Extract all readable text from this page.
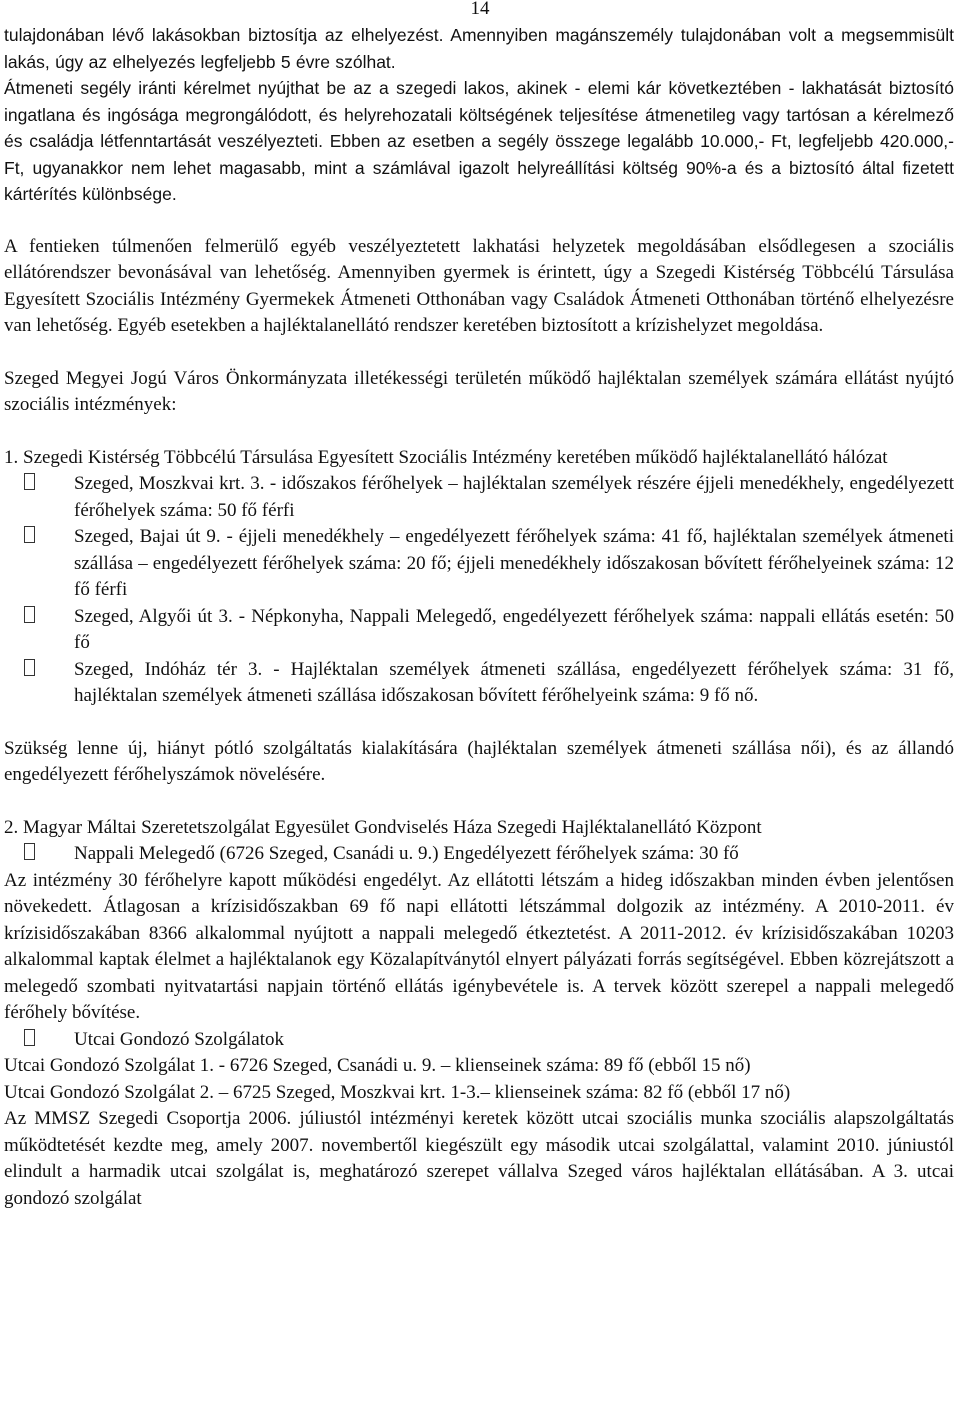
14

tulajdonában lévő lakásokban biztosítja az elhelyezést. Amennyiben magánszemély tulajdonában volt a megsemmisült lakás, úgy az elhelyezés legfeljebb 5 évre szólhat.

Átmeneti segély iránti kérelmet nyújthat be az a szegedi lakos, akinek - elemi kár következtében - lakhatását biztosító ingatlana és ingósága megrongálódott, és helyrehozatali költségének teljesítése átmenetileg vagy tartósan a kérelmező és családja létfenntartását veszélyezteti. Ebben az esetben a segély összege legalább 10.000,- Ft, legfeljebb 420.000,- Ft, ugyanakkor nem lehet magasabb, mint a számlával igazolt helyreállítási költség 90%-a és a biztosító által fizetett kártérítés különbsége.

A fentieken túlmenően felmerülő egyéb veszélyeztetett lakhatási helyzetek megoldásában elsődlegesen a szociális ellátórendszer bevonásával van lehetőség. Amennyiben gyermek is érintett, úgy a Szegedi Kistérség Többcélú Társulása Egyesített Szociális Intézmény Gyermekek Átmeneti Otthonában vagy Családok Átmeneti Otthonában történő elhelyezésre van lehetőség. Egyéb esetekben a hajléktalanellátó rendszer keretében biztosított a krízishelyzet megoldása.

Szeged Megyei Jogú Város Önkormányzata illetékességi területén működő hajléktalan személyek számára ellátást nyújtó szociális intézmények:

1. Szegedi Kistérség Többcélú Társulása Egyesített Szociális Intézmény keretében működő hajléktalanellátó hálózat

Szeged, Moszkvai krt. 3. - időszakos férőhelyek – hajléktalan személyek részére éjjeli menedékhely, engedélyezett férőhelyek száma: 50 fő férfi

Szeged, Bajai út 9. - éjjeli menedékhely – engedélyezett férőhelyek száma: 41 fő, hajléktalan személyek átmeneti szállása – engedélyezett férőhelyek száma: 20 fő; éjjeli menedékhely időszakosan bővített férőhelyeinek száma: 12 fő férfi

Szeged, Algyői út 3. - Népkonyha, Nappali Melegedő, engedélyezett férőhelyek száma: nappali ellátás esetén: 50 fő

Szeged, Indóház tér 3. - Hajléktalan személyek átmeneti szállása, engedélyezett férőhelyek száma: 31 fő, hajléktalan személyek átmeneti szállása időszakosan bővített férőhelyeink száma: 9 fő nő.

Szükség lenne új, hiányt pótló szolgáltatás kialakítására (hajléktalan személyek átmeneti szállása női), és az állandó engedélyezett férőhelyszámok növelésére.

2. Magyar Máltai Szeretetszolgálat Egyesület Gondviselés Háza Szegedi Hajléktalanellátó Központ

Nappali Melegedő (6726 Szeged, Csanádi u. 9.) Engedélyezett férőhelyek száma: 30 fő

Az intézmény 30 férőhelyre kapott működési engedélyt. Az ellátotti létszám a hideg időszakban minden évben jelentősen növekedett. Átlagosan a krízisidőszakban 69 fő napi ellátotti létszámmal dolgozik az intézmény. A 2010-2011. év krízisidőszakában 8366 alkalommal nyújtott a nappali melegedő étkeztetést. A 2011-2012. év krízisidőszakában 10203 alkalommal kaptak élelmet a hajléktalanok egy Közalapítványtól elnyert pályázati forrás segítségével. Ebben közrejátszott a melegedő szombati nyitvatartási napjain történő ellátás igénybevétele is. A tervek között szerepel a nappali melegedő férőhely bővítése.

Utcai Gondozó Szolgálatok

Utcai Gondozó Szolgálat 1. - 6726 Szeged, Csanádi u. 9. – klienseinek száma: 89 fő (ebből 15 nő)

Utcai Gondozó Szolgálat 2. – 6725 Szeged, Moszkvai krt. 1-3.– klienseinek száma: 82 fő (ebből 17 nő)

Az MMSZ Szegedi Csoportja 2006. júliustól intézményi keretek között utcai szociális munka szociális alapszolgáltatás működtetését kezdte meg, amely 2007. novembertől kiegészült egy második utcai szolgálattal, valamint 2010. júniustól elindult a harmadik utcai szolgálat is, meghatározó szerepet vállalva Szeged város hajléktalan ellátásában. A 3. utcai gondozó szolgálat
